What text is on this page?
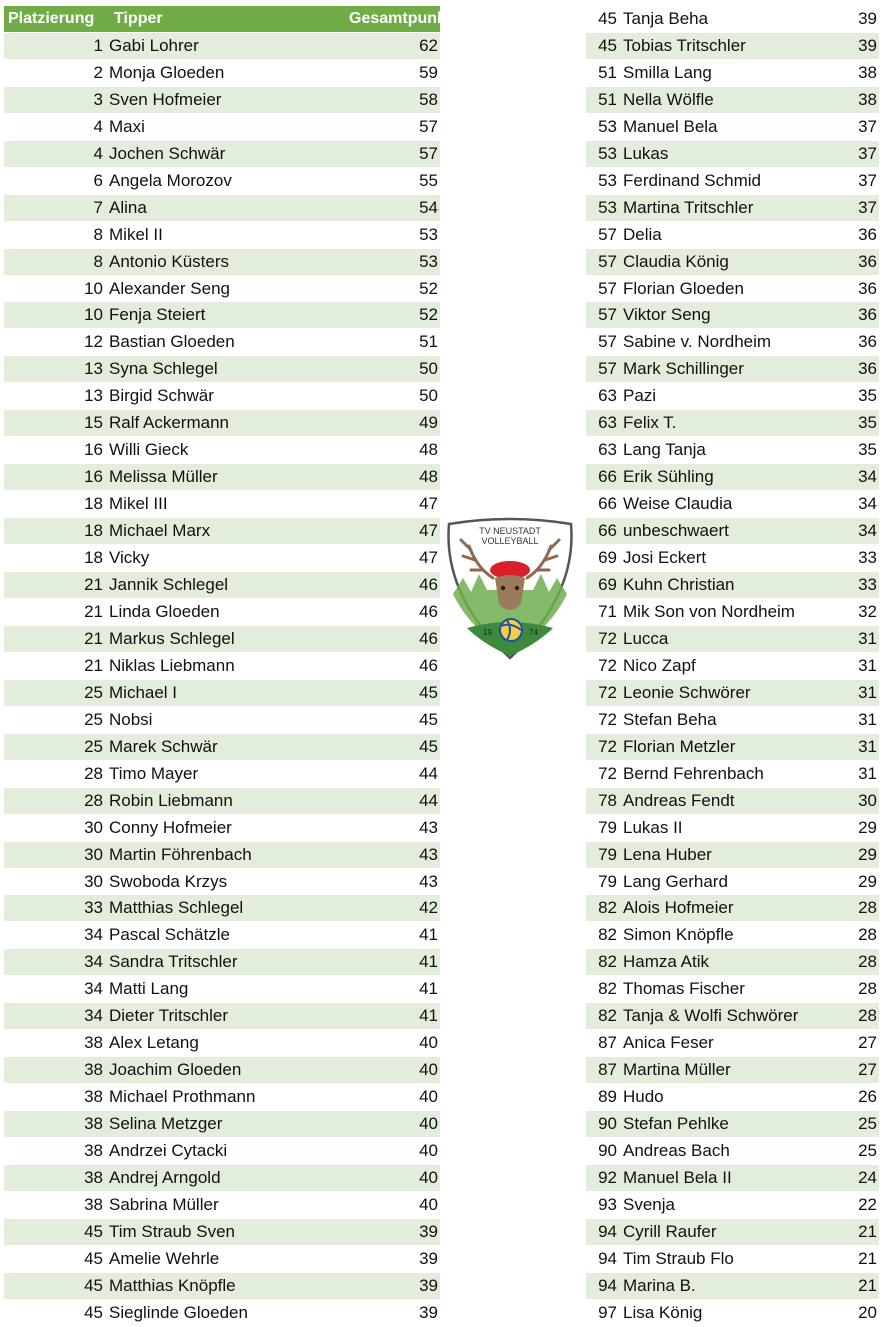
Platzierung	Tipper	Gesamtpunkte
1	Gabi Lohrer	62
2	Monja Gloeden	59
3	Sven Hofmeier	58
4	Maxi	57
4	Jochen Schwär	57
6	Angela Morozov	55
7	Alina	54
8	Mikel II	53
8	Antonio Küsters	53
10	Alexander Seng	52
10	Fenja Steiert	52
12	Bastian Gloeden	51
13	Syna Schlegel	50
13	Birgid Schwär	50
15	Ralf Ackermann	49
16	Willi Gieck	48
16	Melissa Müller	48
18	Mikel III	47
18	Michael Marx	47
18	Vicky	47
21	Jannik Schlegel	46
21	Linda Gloeden	46
21	Markus Schlegel	46
21	Niklas Liebmann	46
25	Michael I	45
25	Nobsi	45
25	Marek Schwär	45
28	Timo Mayer	44
28	Robin Liebmann	44
30	Conny Hofmeier	43
30	Martin Föhrenbach	43
30	Swoboda Krzys	43
33	Matthias Schlegel	42
34	Pascal Schätzle	41
34	Sandra Tritschler	41
34	Matti Lang	41
34	Dieter Tritschler	41
38	Alex Letang	40
38	Joachim Gloeden	40
38	Michael Prothmann	40
38	Selina Metzger	40
38	Andrzei Cytacki	40
38	Andrej Arngold	40
38	Sabrina Müller	40
45	Tim Straub Sven	39
45	Amelie Wehrle	39
45	Matthias Knöpfle	39
45	Sieglinde Gloeden	39
45	Tanja Beha	39
45	Tobias Tritschler	39
51	Smilla Lang	38
51	Nella Wölfle	38
53	Manuel Bela	37
53	Lukas	37
53	Ferdinand Schmid	37
53	Martina Tritschler	37
57	Delia	36
57	Claudia König	36
57	Florian Gloeden	36
57	Viktor Seng	36
57	Sabine v. Nordheim	36
57	Mark Schillinger	36
63	Pazi	35
63	Felix T.	35
63	Lang Tanja	35
66	Erik Sühling	34
66	Weise Claudia	34
66	unbeschwaert	34
69	Josi Eckert	33
69	Kuhn Christian	33
71	Mik Son von Nordheim	32
72	Lucca	31
72	Nico Zapf	31
72	Leonie Schwörer	31
72	Stefan Beha	31
72	Florian Metzler	31
72	Bernd Fehrenbach	31
78	Andreas Fendt	30
79	Lukas II	29
79	Lena Huber	29
79	Lang Gerhard	29
82	Alois Hofmeier	28
82	Simon Knöpfle	28
82	Hamza Atik	28
82	Thomas Fischer	28
82	Tanja & Wolfi Schwörer	28
87	Anica Feser	27
87	Martina Müller	27
89	Hudo	26
90	Stefan Pehlke	25
90	Andreas Bach	25
92	Manuel Bela II	24
93	Svenja	22
94	Cyrill Raufer	21
94	Tim Straub Flo	21
94	Marina B.	21
97	Lisa König	20
TV NEUSTADT
VOLLEYBALL
19	74
